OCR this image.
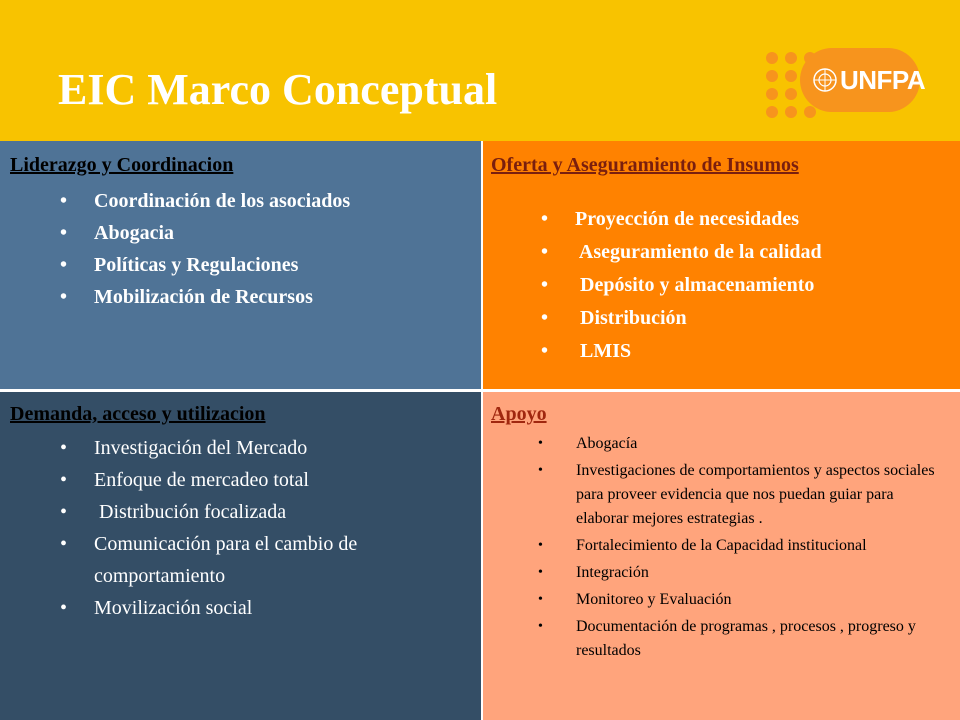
EIC Marco Conceptual	UNFPA
Liderazgo y Coordinacion
• Coordinación de los asociados
• Abogacia
• Políticas y Regulaciones
• Mobilización de Recursos
Oferta y Aseguramiento de Insumos
• Proyección de necesidades
• Aseguramiento de la calidad
• Depósito y almacenamiento
• Distribución
• LMIS
Demanda, acceso y utilizacion
• Investigación del Mercado
• Enfoque de mercadeo total
• Distribución focalizada
• Comunicación para el cambio de comportamiento
• Movilización social
Apoyo
• Abogacía
• Investigaciones de comportamientos y aspectos sociales para proveer evidencia que nos puedan guiar para elaborar mejores estrategias .
• Fortalecimiento de la Capacidad institucional
• Integración
• Monitoreo y Evaluación
• Documentación de programas , procesos , progreso y resultados
